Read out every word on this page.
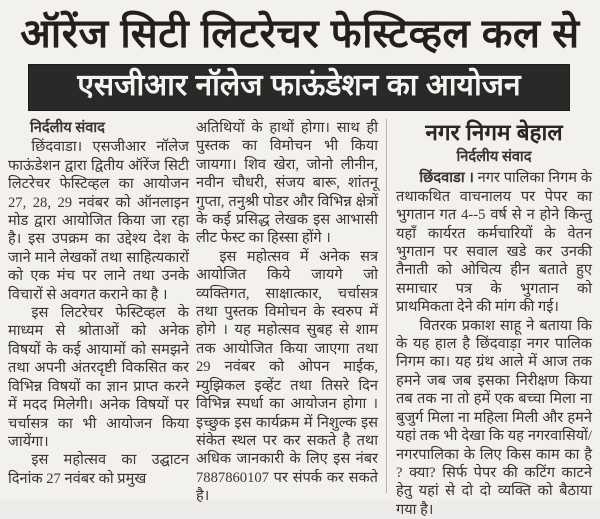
ऑरेंज सिटी लिटरेचर फेस्टिव्हल कल से
एसजीआर नॉलेज फाऊंडेशन का आयोजन
निर्दलीय संवाद

छिंदवाडा। एसजीआर नॉलेज फाऊंडेशन द्वारा द्वितीय ऑरेंज सिटी लिटरेचर फेस्टिव्हल का आयोजन 27, 28, 29 नवंबर को ऑनलाइन मोड द्वारा आयोजित किया जा रहा है। इस उपक्रम का उद्देश्य देश के जाने माने लेखकों तथा साहित्यकारों को एक मंच पर लाने तथा उनके विचारों से अवगत कराने का है ।

इस लिटरेचर फेस्टिव्हल के माध्यम से श्रोताओं को अनेक विषयों के कई आयामों को समझने तथा अपनी अंतरदृष्टी विकसित कर विभिन्न विषयों का ज्ञान प्राप्त करने में मदद मिलेगी। अनेक विषयों पर चर्चासत्र का भी आयोजन किया जायेंगा।

इस महोत्सव का उद्घाटन दिनांक 27 नवंबर को प्रमुख

अतिथियों के हाथों होगा। साथ ही पुस्तक का विमोचन भी किया जायगा। शिव खेरा, जोनो लीनीन, नवीन चौधरी, संजय बारू, शांतनू गुप्ता, तनुश्री पोडर और विभिन्न क्षेत्रों के कई प्रसिद्ध लेखक इस आभासी लीट फेस्ट का हिस्सा होंगे ।

इस महोत्सव में अनेक सत्र आयोजित किये जायगे जो व्यक्तिगत, साक्षात्कार, चर्चासत्र तथा पुस्तक विमोचन के स्वरुप में होगे । यह महोत्सव सुबह से शाम तक आयोजित किया जाएगा तथा 29 नवंबर को ओपन माईक, म्युझिकल इव्हेंट तथा तिसरे दिन विभिन्न स्पर्धा का आयोजन होगा । इच्छुक इस कार्यक्रम में निशुल्क इस संकेत स्थल पर कर सकते है तथा अधिक जानकारी के लिए इस नंबर 7887860107 पर संपर्क कर सकते है।

नगर निगम बेहाल
निर्दलीय संवाद

छिंदवाडा । नगर पालिका निगम के तथाकथित वाचनालय पर पेपर का भुगतान गत 4--5 वर्ष से न होने किन्तु यहाँ कार्यरत कर्मचारियों के वेतन भुगतान पर सवाल खडे कर उनकी तैनाती को ओचित्य हीन बताते हुए समाचार पत्र के भुगतान को प्राथमिकता देने की मांग की गई।

वितरक प्रकाश साहू ने बताया कि के यह हाल है छिंदवाड़ा नगर पालिक निगम का। यह ग्रंथ आले में आज तक हमने जब जब इसका निरीक्षण किया तब तक ना तो हमें एक बच्चा मिला ना बुजुर्ग मिला ना महिला मिली और हमने यहां तक भी देखा कि यह नगरवासियों/ नगरपालिका के लिए किस काम का है ? क्या? सिर्फ पेपर की कटिंग काटने हेतु यहां से दो दो व्यक्ति को बैठाया गया है।
